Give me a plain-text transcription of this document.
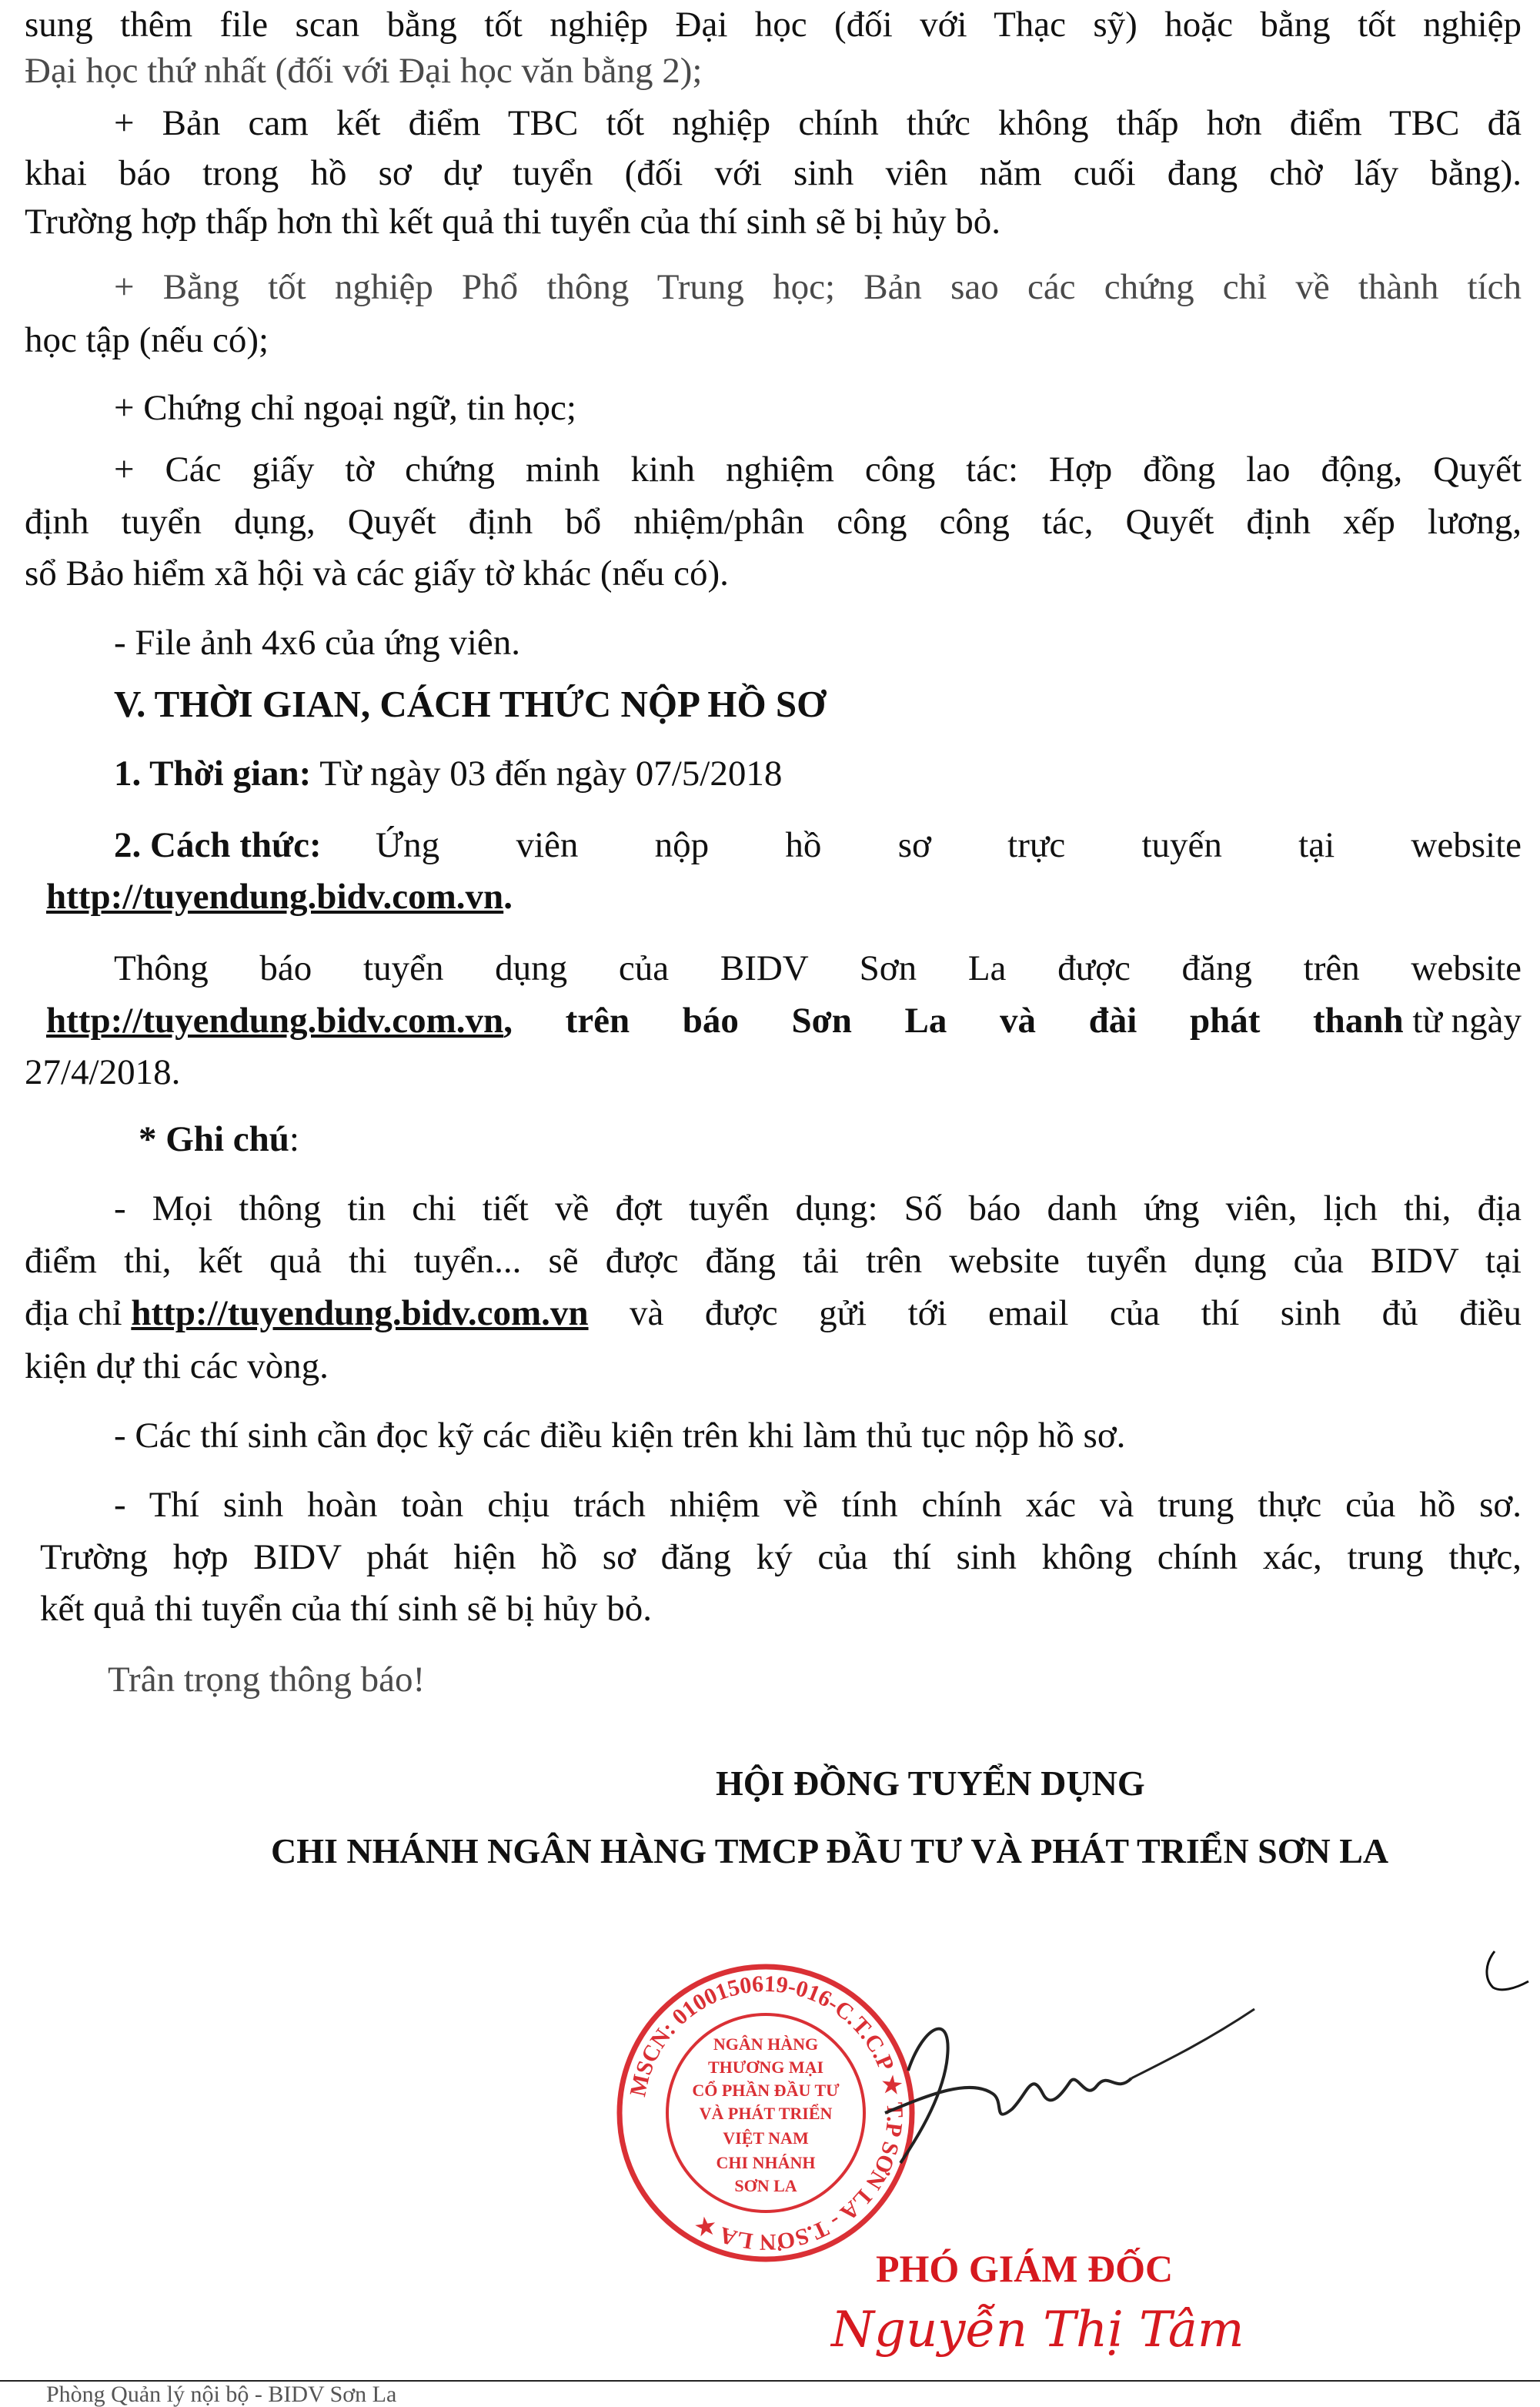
sung thêm file scan bằng tốt nghiệp Đại học (đối với Thạc sỹ) hoặc bằng tốt nghiệp
Đại học thứ nhất (đối với Đại học văn bằng 2);
+ Bản cam kết điểm TBC tốt nghiệp chính thức không thấp hơn điểm TBC đã
khai báo trong hồ sơ dự tuyển (đối với sinh viên năm cuối đang chờ lấy bằng).
Trường hợp thấp hơn thì kết quả thi tuyển của thí sinh sẽ bị hủy bỏ.
+ Bằng tốt nghiệp Phổ thông Trung học; Bản sao các chứng chỉ về thành tích
học tập (nếu có);
+ Chứng chỉ ngoại ngữ, tin học;
+ Các giấy tờ chứng minh kinh nghiệm công tác: Hợp đồng lao động, Quyết
định tuyển dụng, Quyết định bổ nhiệm/phân công công tác, Quyết định xếp lương,
sổ Bảo hiểm xã hội và các giấy tờ khác (nếu có).
- File ảnh 4x6 của ứng viên.
V. THỜI GIAN, CÁCH THỨC NỘP HỒ SƠ
1. Thời gian: Từ ngày 03 đến ngày 07/5/2018
2. Cách thức:	Ứng viên nộp hồ sơ trực tuyến tại website
http://tuyendung.bidv.com.vn.
Thông báo tuyển dụng của BIDV Sơn La được đăng trên website
http://tuyendung.bidv.com.vn , trên báo Sơn La và đài phát thanh từ ngày
27/4/2018.
* Ghi chú:
- Mọi thông tin chi tiết về đợt tuyển dụng: Số báo danh ứng viên, lịch thi, địa
điểm thi, kết quả thi tuyển... sẽ được đăng tải trên website tuyển dụng của BIDV tại
địa chỉ http://tuyendung.bidv.com.vn và được gửi tới email của thí sinh đủ điều
kiện dự thi các vòng.
- Các thí sinh cần đọc kỹ các điều kiện trên khi làm thủ tục nộp hồ sơ.
- Thí sinh hoàn toàn chịu trách nhiệm về tính chính xác và trung thực của hồ sơ.
Trường hợp BIDV phát hiện hồ sơ đăng ký của thí sinh không chính xác, trung thực,
kết quả thi tuyển của thí sinh sẽ bị hủy bỏ.
Trân trọng thông báo!
HỘI ĐỒNG TUYỂN DỤNG
CHI NHÁNH NGÂN HÀNG TMCP ĐẦU TƯ VÀ PHÁT TRIỂN SƠN LA
MSCN: 0100150619-016-C.T.C.P ★ T.P SƠN LA - T.SƠN LA ★
NGÂN HÀNG
THƯƠNG MẠI
CỔ PHẦN ĐẦU TƯ
VÀ PHÁT TRIỂN
VIỆT NAM
CHI NHÁNH
SƠN LA
PHÓ GIÁM ĐỐC
Nguyễn Thị Tâm
Phòng Quản lý nội bộ - BIDV Sơn La
